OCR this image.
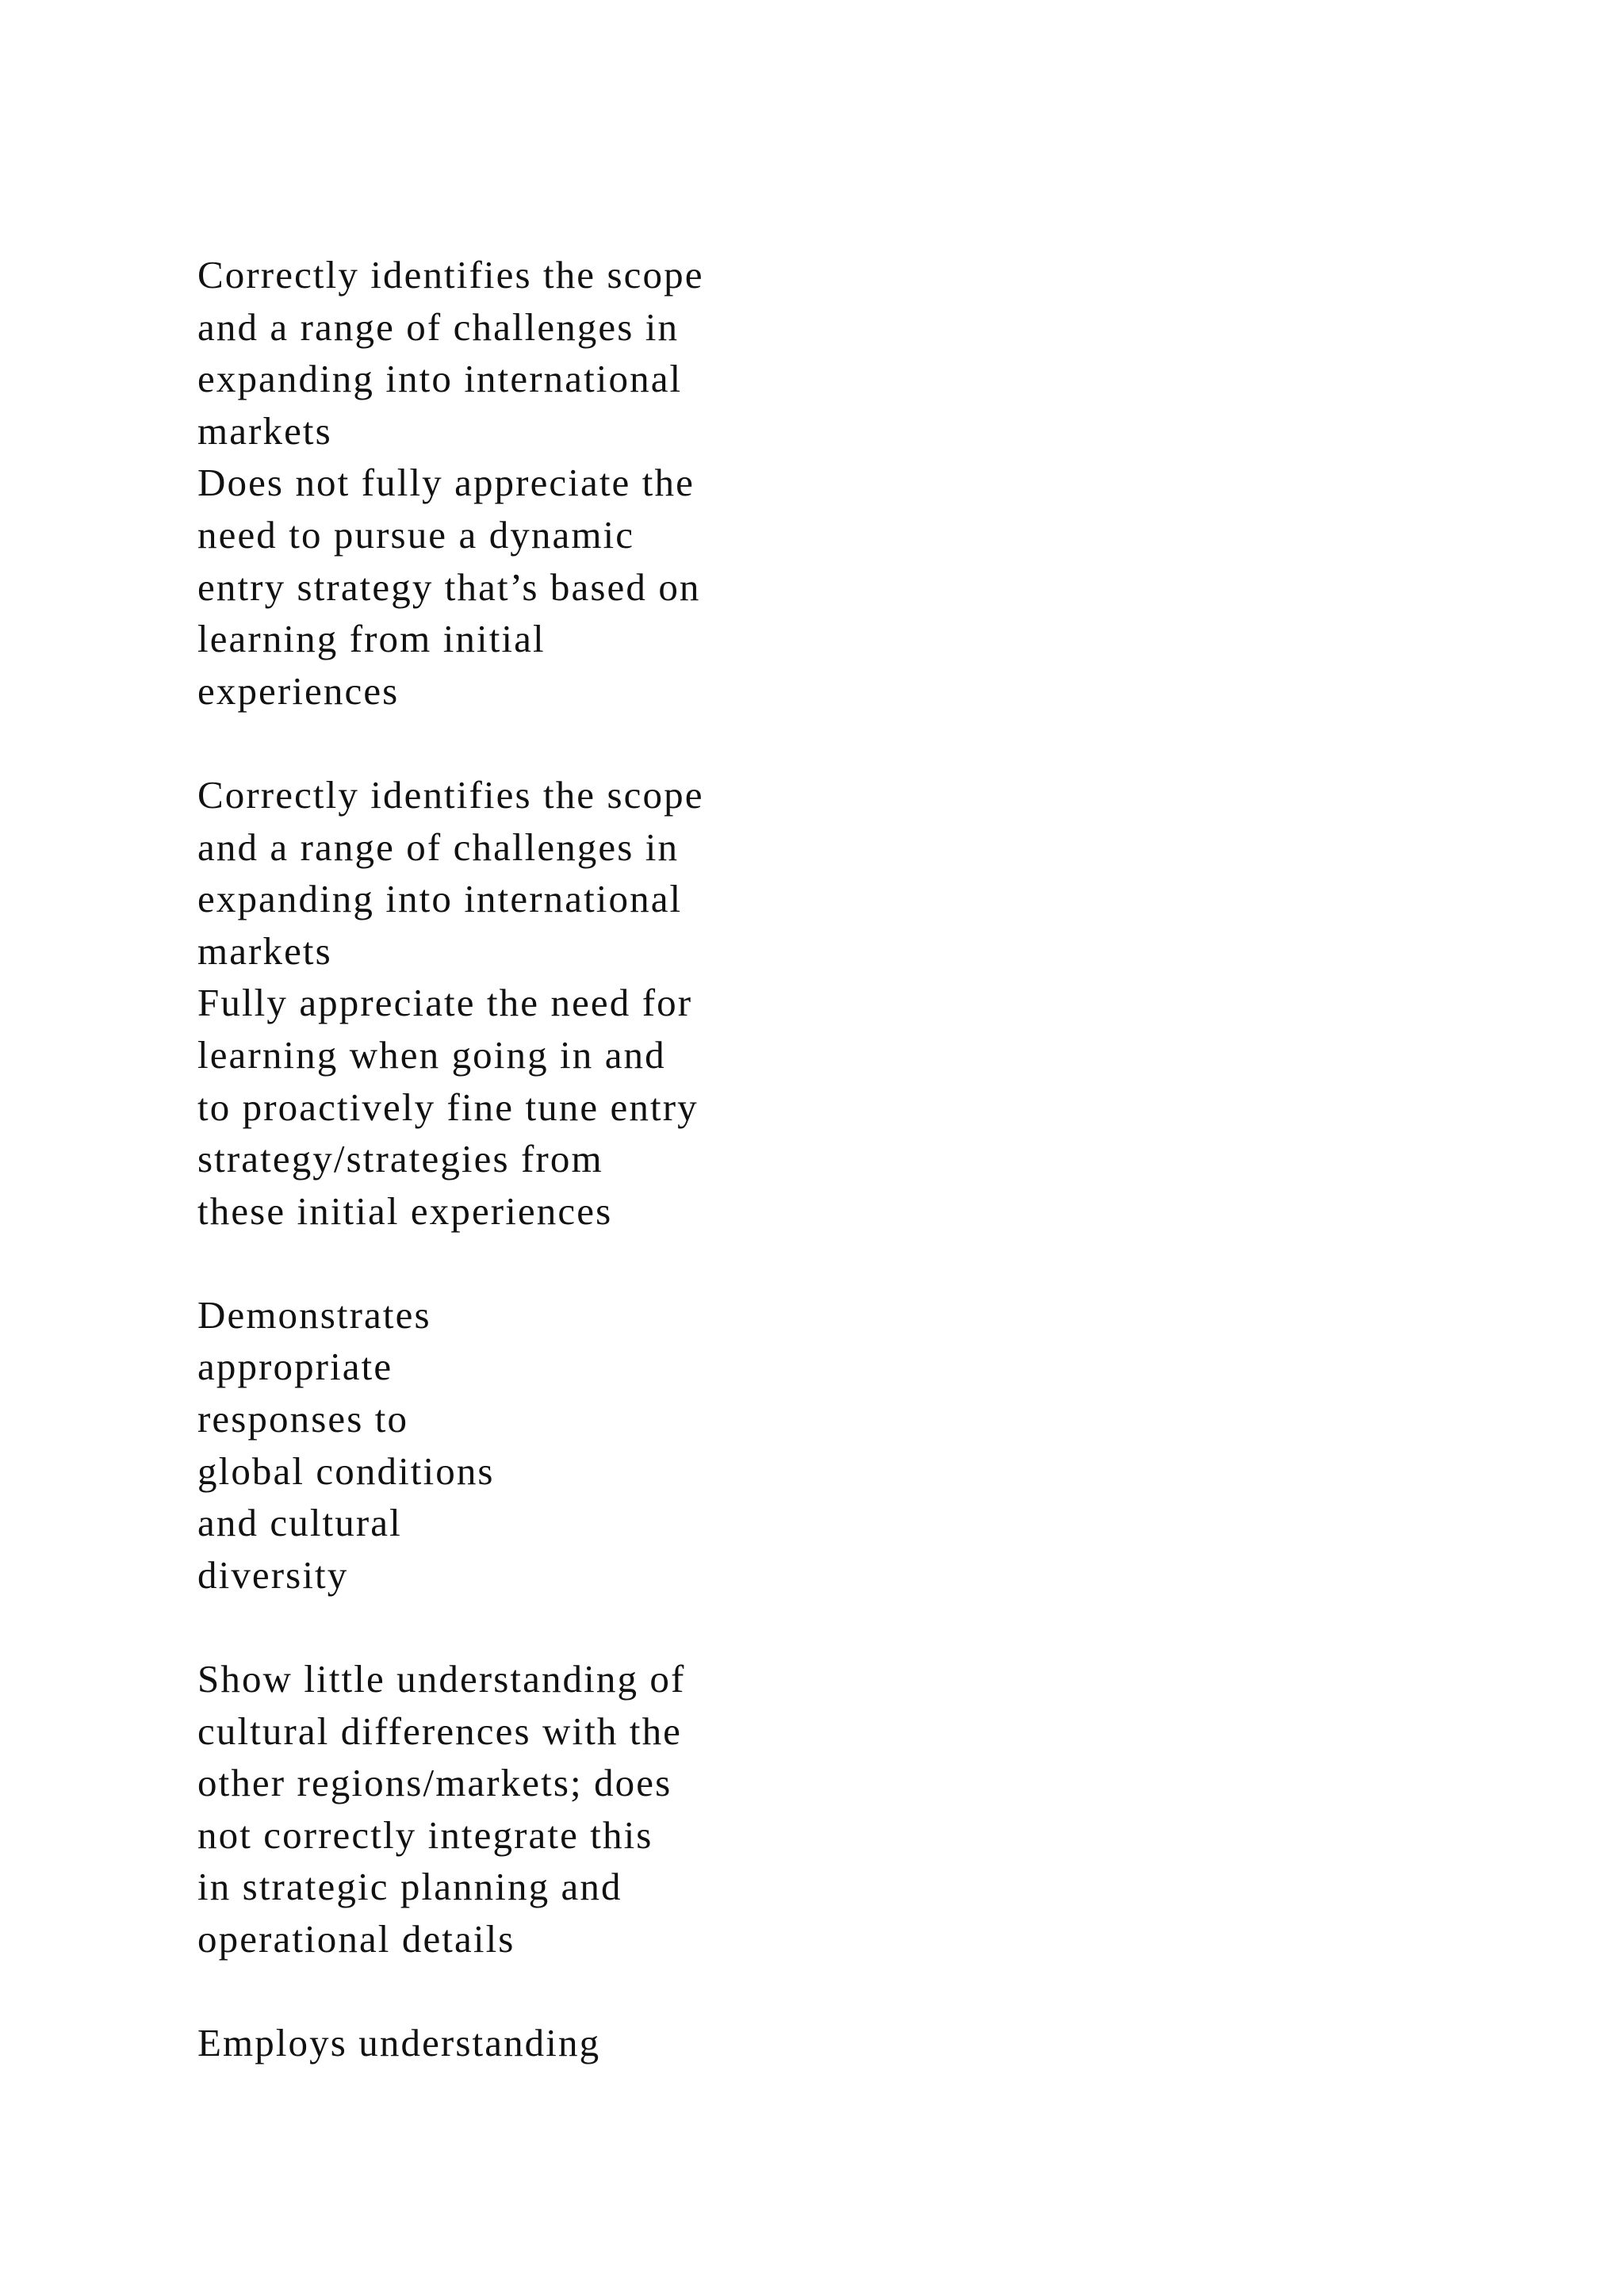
Correctly identifies the scope
and a range of challenges in
expanding into international
markets
Does not fully appreciate the
need to pursue a dynamic
entry strategy that’s based on
learning from initial
experiences
Correctly identifies the scope
and a range of challenges in
expanding into international
markets
Fully appreciate the need for
learning when going in and
to proactively fine tune entry
strategy/strategies from
these initial experiences
Demonstrates
appropriate
responses to
global conditions
and cultural
diversity
Show little understanding of
cultural differences with the
other regions/markets; does
not correctly integrate this
in strategic planning and
operational details
Employs understanding
